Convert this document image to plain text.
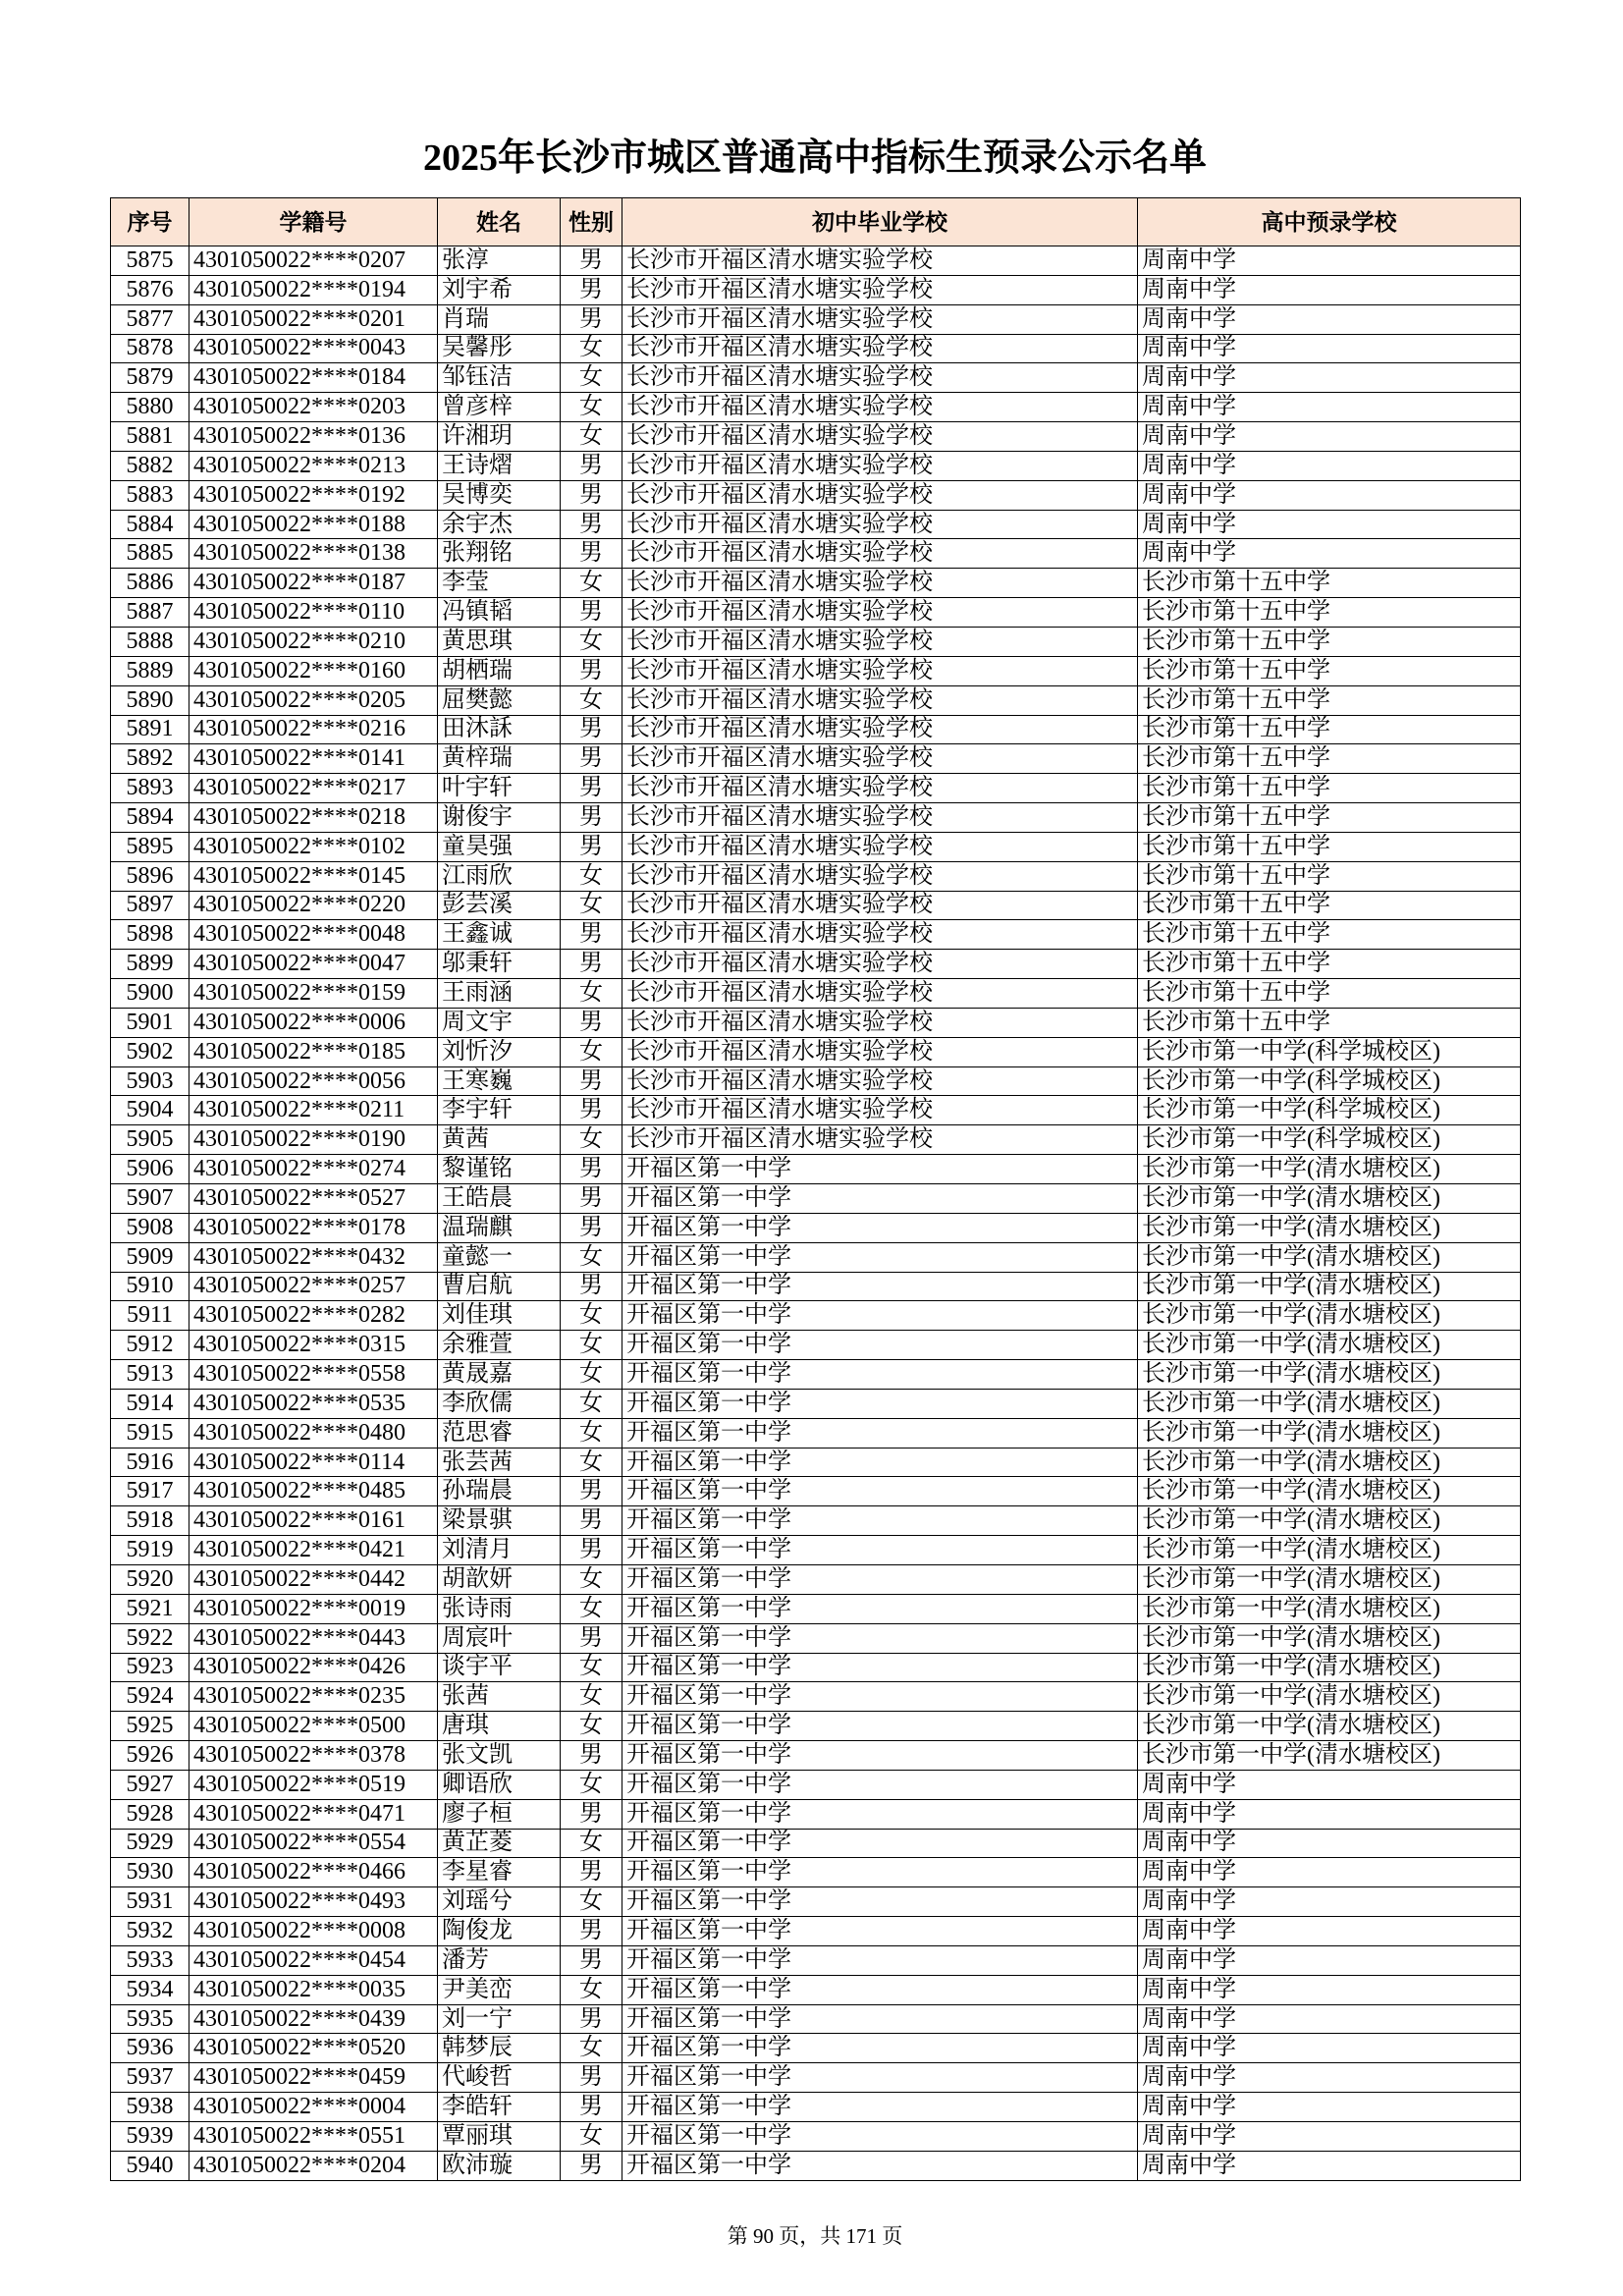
2025年长沙市城区普通高中指标生预录公示名单
序号	学籍号	姓名	性别	初中毕业学校	高中预录学校
5875	4301050022****0207	张淳	男	长沙市开福区清水塘实验学校	周南中学
5876	4301050022****0194	刘宇希	男	长沙市开福区清水塘实验学校	周南中学
5877	4301050022****0201	肖瑞	男	长沙市开福区清水塘实验学校	周南中学
5878	4301050022****0043	吴馨彤	女	长沙市开福区清水塘实验学校	周南中学
5879	4301050022****0184	邹钰洁	女	长沙市开福区清水塘实验学校	周南中学
5880	4301050022****0203	曾彦梓	女	长沙市开福区清水塘实验学校	周南中学
5881	4301050022****0136	许湘玥	女	长沙市开福区清水塘实验学校	周南中学
5882	4301050022****0213	王诗熠	男	长沙市开福区清水塘实验学校	周南中学
5883	4301050022****0192	吴博奕	男	长沙市开福区清水塘实验学校	周南中学
5884	4301050022****0188	余宇杰	男	长沙市开福区清水塘实验学校	周南中学
5885	4301050022****0138	张翔铭	男	长沙市开福区清水塘实验学校	周南中学
5886	4301050022****0187	李莹	女	长沙市开福区清水塘实验学校	长沙市第十五中学
5887	4301050022****0110	冯镇韬	男	长沙市开福区清水塘实验学校	长沙市第十五中学
5888	4301050022****0210	黄思琪	女	长沙市开福区清水塘实验学校	长沙市第十五中学
5889	4301050022****0160	胡栖瑞	男	长沙市开福区清水塘实验学校	长沙市第十五中学
5890	4301050022****0205	屈樊懿	女	长沙市开福区清水塘实验学校	长沙市第十五中学
5891	4301050022****0216	田沐訸	男	长沙市开福区清水塘实验学校	长沙市第十五中学
5892	4301050022****0141	黄梓瑞	男	长沙市开福区清水塘实验学校	长沙市第十五中学
5893	4301050022****0217	叶宇轩	男	长沙市开福区清水塘实验学校	长沙市第十五中学
5894	4301050022****0218	谢俊宇	男	长沙市开福区清水塘实验学校	长沙市第十五中学
5895	4301050022****0102	童昊强	男	长沙市开福区清水塘实验学校	长沙市第十五中学
5896	4301050022****0145	江雨欣	女	长沙市开福区清水塘实验学校	长沙市第十五中学
5897	4301050022****0220	彭芸溪	女	长沙市开福区清水塘实验学校	长沙市第十五中学
5898	4301050022****0048	王鑫诚	男	长沙市开福区清水塘实验学校	长沙市第十五中学
5899	4301050022****0047	邬秉轩	男	长沙市开福区清水塘实验学校	长沙市第十五中学
5900	4301050022****0159	王雨涵	女	长沙市开福区清水塘实验学校	长沙市第十五中学
5901	4301050022****0006	周文宇	男	长沙市开福区清水塘实验学校	长沙市第十五中学
5902	4301050022****0185	刘忻汐	女	长沙市开福区清水塘实验学校	长沙市第一中学(科学城校区)
5903	4301050022****0056	王寒巍	男	长沙市开福区清水塘实验学校	长沙市第一中学(科学城校区)
5904	4301050022****0211	李宇轩	男	长沙市开福区清水塘实验学校	长沙市第一中学(科学城校区)
5905	4301050022****0190	黄茜	女	长沙市开福区清水塘实验学校	长沙市第一中学(科学城校区)
5906	4301050022****0274	黎谨铭	男	开福区第一中学	长沙市第一中学(清水塘校区)
5907	4301050022****0527	王皓晨	男	开福区第一中学	长沙市第一中学(清水塘校区)
5908	4301050022****0178	温瑞麒	男	开福区第一中学	长沙市第一中学(清水塘校区)
5909	4301050022****0432	童懿一	女	开福区第一中学	长沙市第一中学(清水塘校区)
5910	4301050022****0257	曹启航	男	开福区第一中学	长沙市第一中学(清水塘校区)
5911	4301050022****0282	刘佳琪	女	开福区第一中学	长沙市第一中学(清水塘校区)
5912	4301050022****0315	余雅萱	女	开福区第一中学	长沙市第一中学(清水塘校区)
5913	4301050022****0558	黄晟嘉	女	开福区第一中学	长沙市第一中学(清水塘校区)
5914	4301050022****0535	李欣儒	女	开福区第一中学	长沙市第一中学(清水塘校区)
5915	4301050022****0480	范思睿	女	开福区第一中学	长沙市第一中学(清水塘校区)
5916	4301050022****0114	张芸茜	女	开福区第一中学	长沙市第一中学(清水塘校区)
5917	4301050022****0485	孙瑞晨	男	开福区第一中学	长沙市第一中学(清水塘校区)
5918	4301050022****0161	梁景骐	男	开福区第一中学	长沙市第一中学(清水塘校区)
5919	4301050022****0421	刘清月	男	开福区第一中学	长沙市第一中学(清水塘校区)
5920	4301050022****0442	胡歆妍	女	开福区第一中学	长沙市第一中学(清水塘校区)
5921	4301050022****0019	张诗雨	女	开福区第一中学	长沙市第一中学(清水塘校区)
5922	4301050022****0443	周宸叶	男	开福区第一中学	长沙市第一中学(清水塘校区)
5923	4301050022****0426	谈宇平	女	开福区第一中学	长沙市第一中学(清水塘校区)
5924	4301050022****0235	张茜	女	开福区第一中学	长沙市第一中学(清水塘校区)
5925	4301050022****0500	唐琪	女	开福区第一中学	长沙市第一中学(清水塘校区)
5926	4301050022****0378	张文凯	男	开福区第一中学	长沙市第一中学(清水塘校区)
5927	4301050022****0519	卿语欣	女	开福区第一中学	周南中学
5928	4301050022****0471	廖子桓	男	开福区第一中学	周南中学
5929	4301050022****0554	黄芷菱	女	开福区第一中学	周南中学
5930	4301050022****0466	李星睿	男	开福区第一中学	周南中学
5931	4301050022****0493	刘瑶兮	女	开福区第一中学	周南中学
5932	4301050022****0008	陶俊龙	男	开福区第一中学	周南中学
5933	4301050022****0454	潘芳	男	开福区第一中学	周南中学
5934	4301050022****0035	尹美峦	女	开福区第一中学	周南中学
5935	4301050022****0439	刘一宁	男	开福区第一中学	周南中学
5936	4301050022****0520	韩梦辰	女	开福区第一中学	周南中学
5937	4301050022****0459	代峻哲	男	开福区第一中学	周南中学
5938	4301050022****0004	李皓轩	男	开福区第一中学	周南中学
5939	4301050022****0551	覃丽琪	女	开福区第一中学	周南中学
5940	4301050022****0204	欧沛璇	男	开福区第一中学	周南中学
第 90 页，共 171 页
